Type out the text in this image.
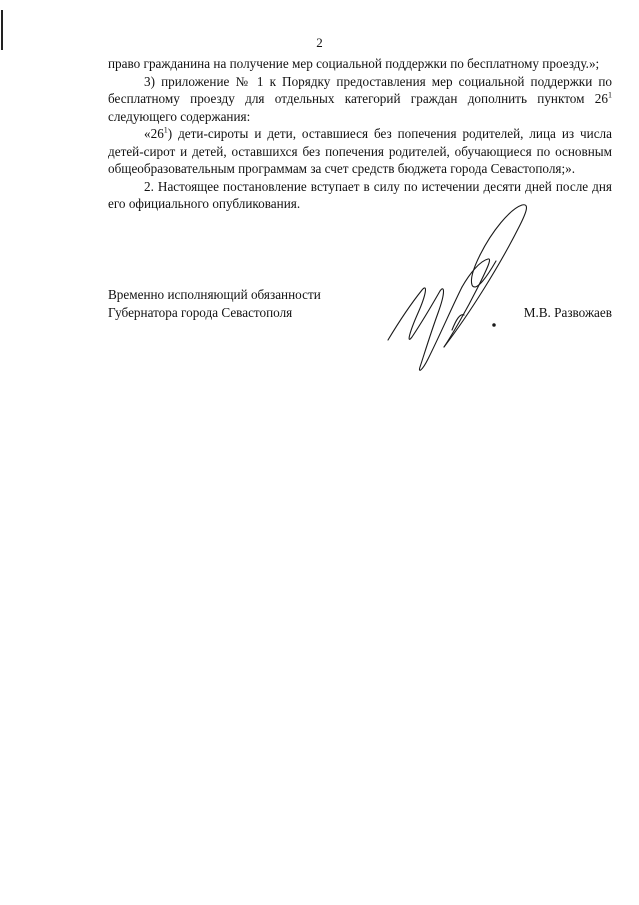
2

право гражданина на получение мер социальной поддержки по бесплатному проезду.»;

3) приложение № 1 к Порядку предоставления мер социальной поддержки по бесплатному проезду для отдельных категорий граждан дополнить пунктом $26^1$ следующего содержания:

«$26^1$) дети-сироты и дети, оставшиеся без попечения родителей, лица из числа детей-сирот и детей, оставшихся без попечения родителей, обучающиеся по основным общеобразовательным программам за счет средств бюджета города Севастополя;».

2. Настоящее постановление вступает в силу по истечении десяти дней после дня его официального опубликования.

Временно исполняющий обязанности
Губернатора города Севастополя	М.В. Развожаев
